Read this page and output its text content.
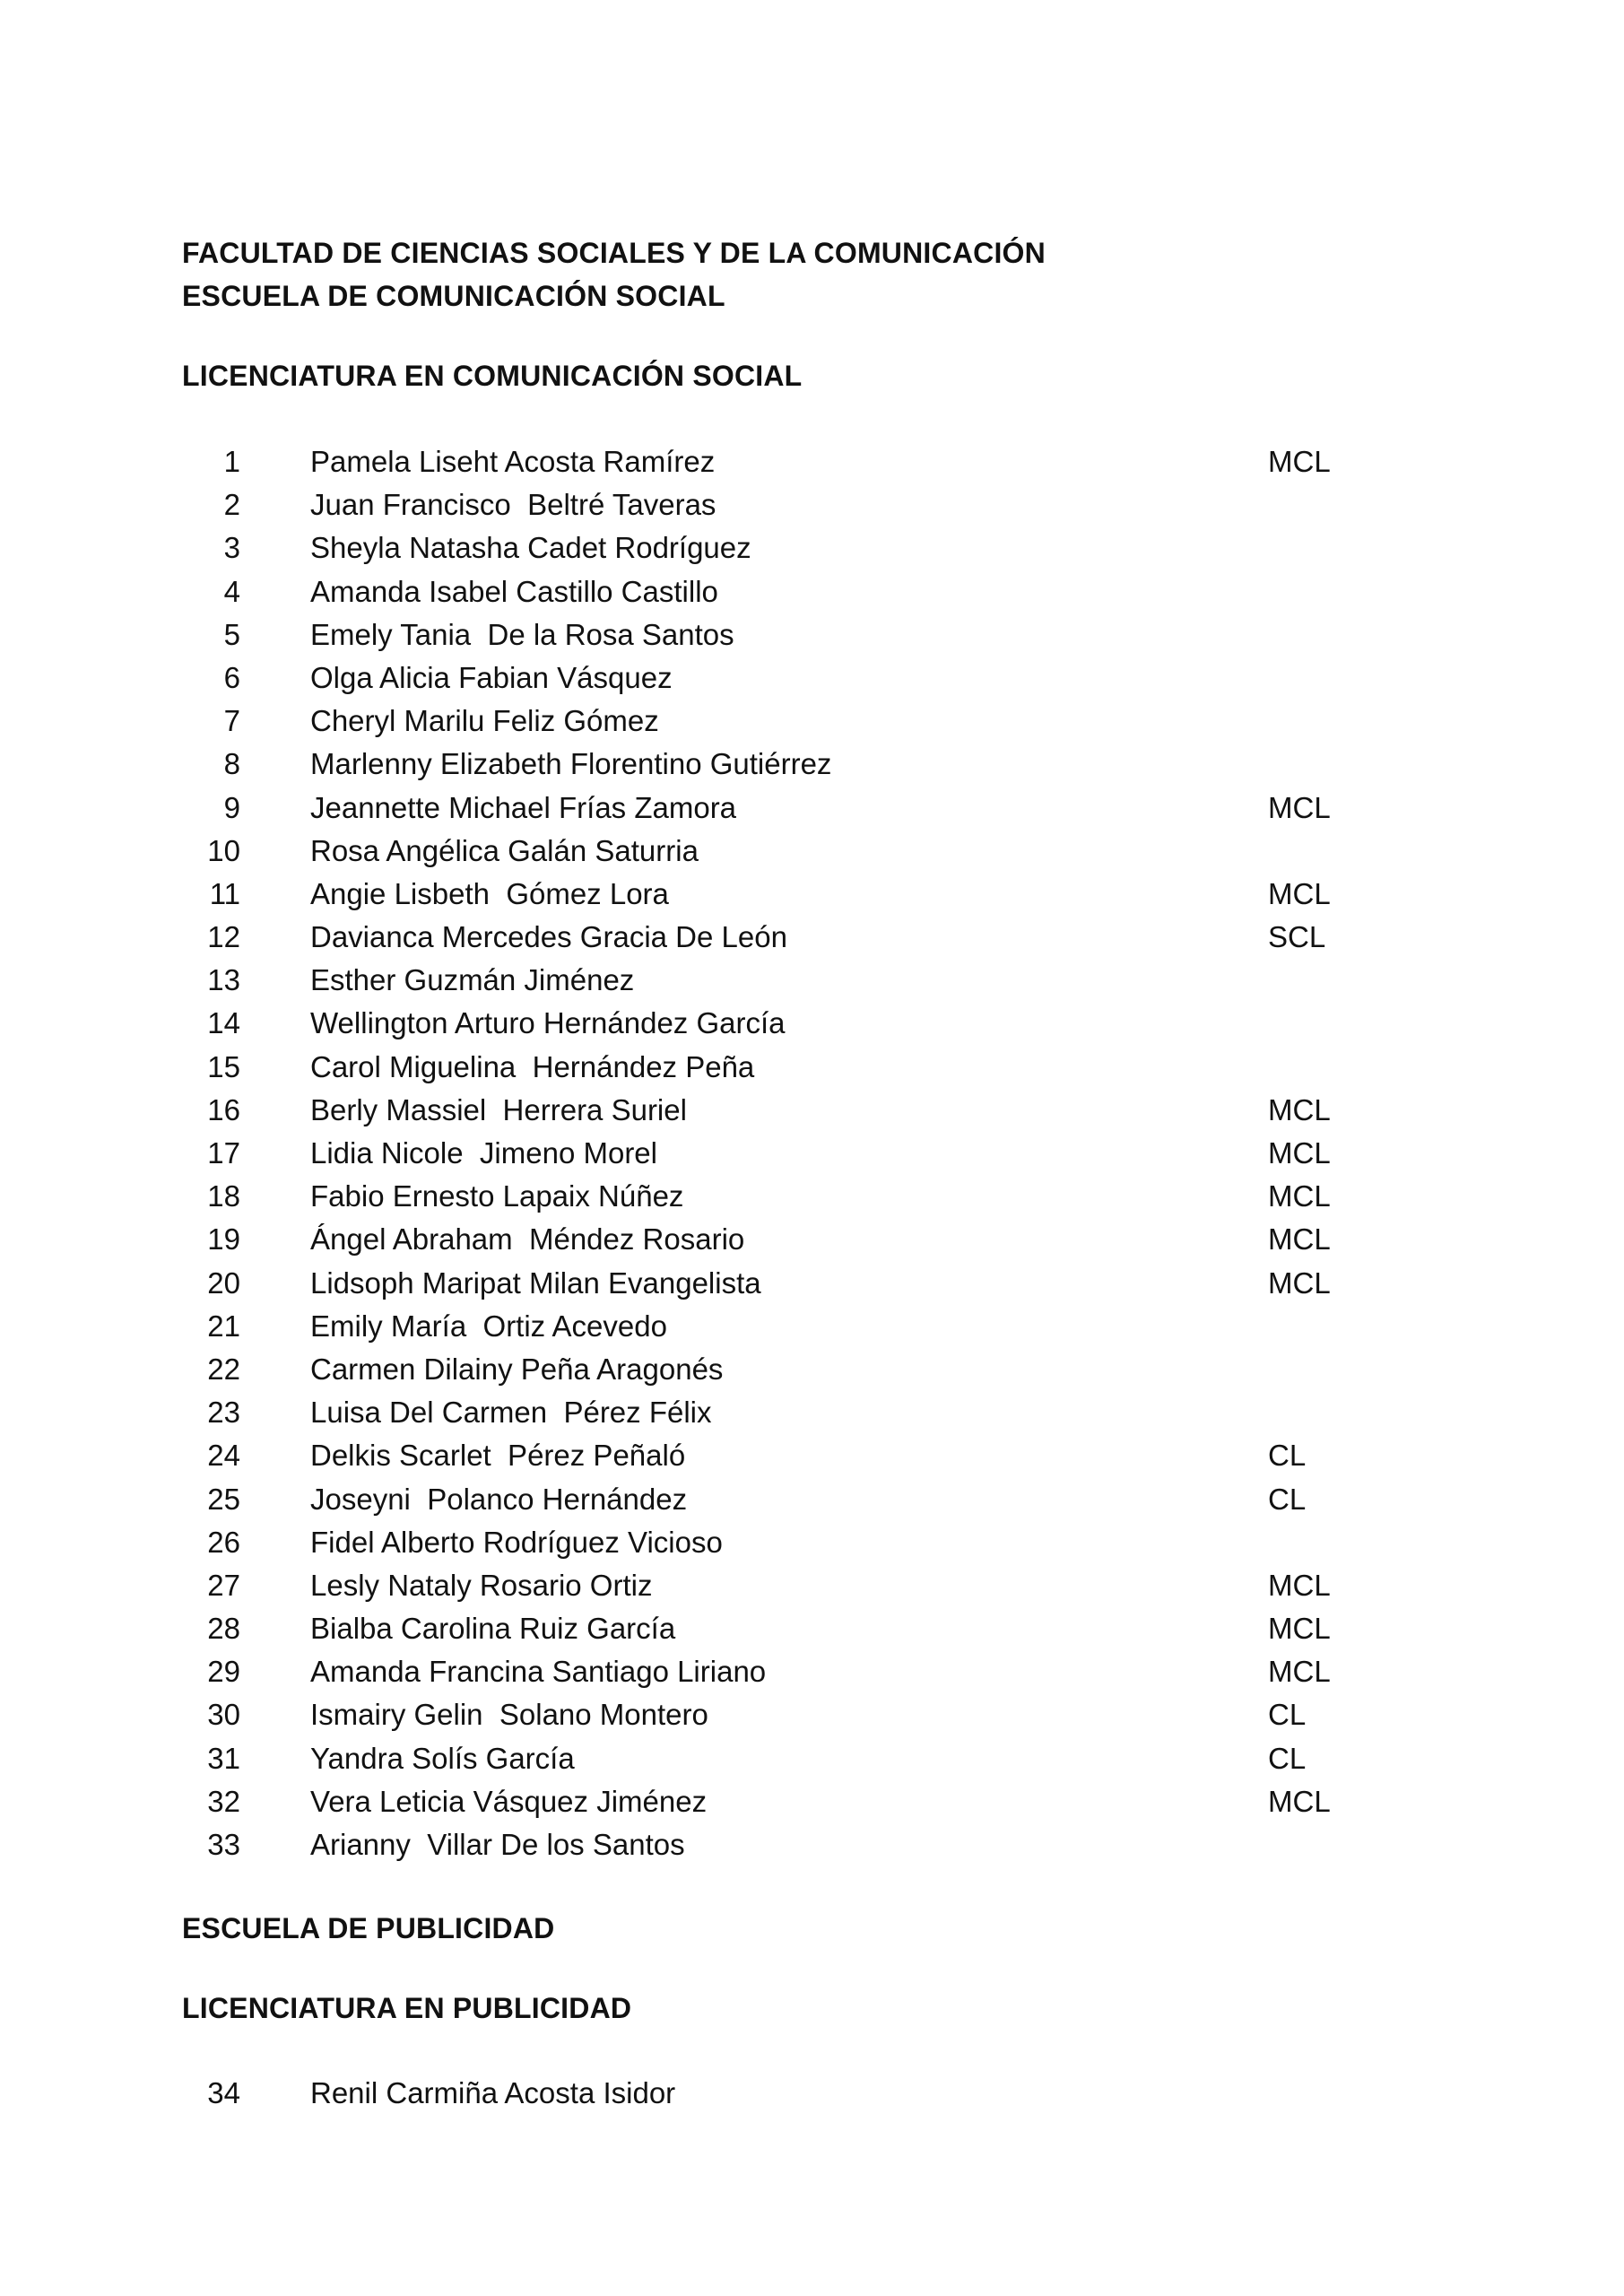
FACULTAD DE CIENCIAS SOCIALES Y DE LA COMUNICACIÓN
ESCUELA DE COMUNICACIÓN SOCIAL
LICENCIATURA EN COMUNICACIÓN SOCIAL
1 Pamela Liseht Acosta Ramírez	MCL
2 Juan Francisco  Beltré Taveras
3 Sheyla Natasha Cadet Rodríguez
4 Amanda Isabel Castillo Castillo
5 Emely Tania  De la Rosa Santos
6 Olga Alicia Fabian Vásquez
7 Cheryl Marilu Feliz Gómez
8 Marlenny Elizabeth Florentino Gutiérrez
9 Jeannette Michael Frías Zamora	MCL
10 Rosa Angélica Galán Saturria
11 Angie Lisbeth  Gómez Lora	MCL
12 Davianca Mercedes Gracia De León	SCL
13 Esther Guzmán Jiménez
14 Wellington Arturo Hernández García
15 Carol Miguelina  Hernández Peña
16 Berly Massiel  Herrera Suriel	MCL
17 Lidia Nicole  Jimeno Morel	MCL
18 Fabio Ernesto Lapaix Núñez	MCL
19 Ángel Abraham  Méndez Rosario	MCL
20 Lidsoph Maripat Milan Evangelista	MCL
21 Emily María  Ortiz Acevedo
22 Carmen Dilainy Peña Aragonés
23 Luisa Del Carmen  Pérez Félix
24 Delkis Scarlet  Pérez Peñaló	CL
25 Joseyni  Polanco Hernández	CL
26 Fidel Alberto Rodríguez Vicioso
27 Lesly Nataly Rosario Ortiz	MCL
28 Bialba Carolina Ruiz García	MCL
29 Amanda Francina Santiago Liriano	MCL
30 Ismairy Gelin  Solano Montero	CL
31 Yandra Solís García	CL
32 Vera Leticia Vásquez Jiménez	MCL
33 Arianny  Villar De los Santos
ESCUELA DE PUBLICIDAD
LICENCIATURA EN PUBLICIDAD
34 Renil Carmiña Acosta Isidor
